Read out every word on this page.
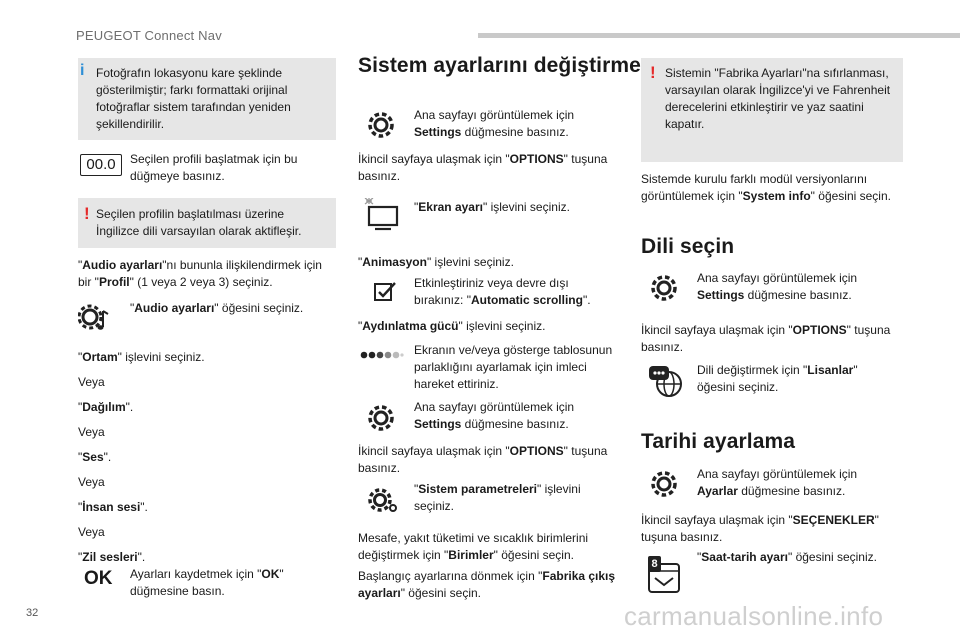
PEUGEOT Connect Nav
i Fotoğrafın lokasyonu kare şeklinde gösterilmiştir; farkı formattaki orijinal fotoğraflar sistem tarafından yeniden şekillendirilir.
00.0	Seçilen profili başlatmak için bu düğmeye basınız.
! Seçilen profilin başlatılması üzerine İngilizce dili varsayılan olarak aktifleşir.
"Audio ayarları"nı bununla ilişkilendirmek için bir "Profil" (1 veya 2 veya 3) seçiniz.
"Audio ayarları" öğesini seçiniz.
"Ortam" işlevini seçiniz.
Veya
"Dağılım".
Veya
"Ses".
Veya
"İnsan sesi".
Veya
"Zil sesleri".
OK Ayarları kaydetmek için "OK" düğmesine basın.
Sistem ayarlarını değiştirme
Ana sayfayı görüntülemek için Settings düğmesine basınız.
İkincil sayfaya ulaşmak için "OPTIONS" tuşuna basınız.
"Ekran ayarı" işlevini seçiniz.
"Animasyon" işlevini seçiniz.
Etkinleştiriniz veya devre dışı bırakınız: "Automatic scrolling".
"Aydınlatma gücü" işlevini seçiniz.
Ekranın ve/veya gösterge tablosunun parlaklığını ayarlamak için imleci hareket ettiriniz.
Ana sayfayı görüntülemek için Settings düğmesine basınız.
İkincil sayfaya ulaşmak için "OPTIONS" tuşuna basınız.
"Sistem parametreleri" işlevini seçiniz.
Mesafe, yakıt tüketimi ve sıcaklık birimlerini değiştirmek için "Birimler" öğesini seçin.
Başlangıç ayarlarına dönmek için "Fabrika çıkış ayarları" öğesini seçin.
! Sistemin "Fabrika Ayarları"na sıfırlanması, varsayılan olarak İngilizce'yi ve Fahrenheit derecelerini etkinleştirir ve yaz saatini kapatır.
Sistemde kurulu farklı modül versiyonlarını görüntülemek için "System info" öğesini seçin.
Dili seçin
Ana sayfayı görüntülemek için Settings düğmesine basınız.
İkincil sayfaya ulaşmak için "OPTIONS" tuşuna basınız.
Dili değiştirmek için "Lisanlar" öğesini seçiniz.
Tarihi ayarlama
Ana sayfayı görüntülemek için Ayarlar düğmesine basınız.
İkincil sayfaya ulaşmak için "SEÇENEKLER" tuşuna basınız.
8	"Saat-tarih ayarı" öğesini seçiniz.
32	carmanualsonline.info
